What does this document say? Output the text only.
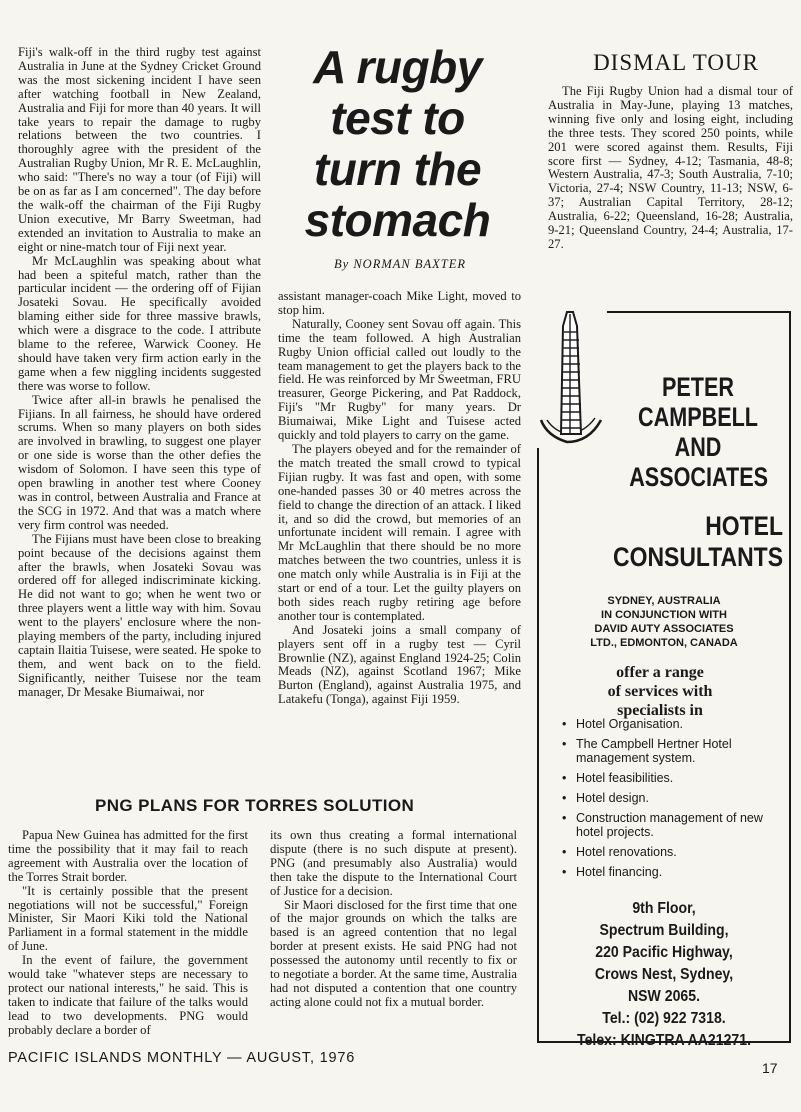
Fiji's walk-off in the third rugby test against Australia in June at the Sydney Cricket Ground was the most sickening incident I have seen after watching football in New Zealand, Australia and Fiji for more than 40 years. It will take years to repair the damage to rugby relations between the two countries. I thoroughly agree with the president of the Australian Rugby Union, Mr R. E. McLaughlin, who said: "There's no way a tour (of Fiji) will be on as far as I am concerned". The day before the walk-off the chairman of the Fiji Rugby Union executive, Mr Barry Sweetman, had extended an invitation to Australia to make an eight or nine-match tour of Fiji next year.

Mr McLaughlin was speaking about what had been a spiteful match, rather than the particular incident — the ordering off of Fijian Josateki Sovau. He specifically avoided blaming either side for three massive brawls, which were a disgrace to the code. I attribute blame to the referee, Warwick Cooney. He should have taken very firm action early in the game when a few niggling incidents suggested there was worse to follow.

Twice after all-in brawls he penalised the Fijians. In all fairness, he should have ordered scrums. When so many players on both sides are involved in brawling, to suggest one player or one side is worse than the other defies the wisdom of Solomon. I have seen this type of open brawling in another test where Cooney was in control, between Australia and France at the SCG in 1972. And that was a match where very firm control was needed.

The Fijians must have been close to breaking point because of the decisions against them after the brawls, when Josateki Sovau was ordered off for alleged indiscriminate kicking. He did not want to go; when he went two or three players went a little way with him. Sovau went to the players' enclosure where the non-playing members of the party, including injured captain Ilaitia Tuisese, were seated. He spoke to them, and went back on to the field. Significantly, neither Tuisese nor the team manager, Dr Mesake Biumaiwai, nor

A rugby
test to
turn the
stomach
By NORMAN BAXTER

assistant manager-coach Mike Light, moved to stop him.

Naturally, Cooney sent Sovau off again. This time the team followed. A high Australian Rugby Union official called out loudly to the team management to get the players back to the field. He was reinforced by Mr Sweetman, FRU treasurer, George Pickering, and Pat Raddock, Fiji's "Mr Rugby" for many years. Dr Biumaiwai, Mike Light and Tuisese acted quickly and told players to carry on the game.

The players obeyed and for the remainder of the match treated the small crowd to typical Fijian rugby. It was fast and open, with some one-handed passes 30 or 40 metres across the field to change the direction of an attack. I liked it, and so did the crowd, but memories of an unfortunate incident will remain. I agree with Mr McLaughlin that there should be no more matches between the two countries, unless it is one match only while Australia is in Fiji at the start or end of a tour. Let the guilty players on both sides reach rugby retiring age before another tour is contemplated.

And Josateki joins a small company of players sent off in a rugby test — Cyril Brownlie (NZ), against England 1924-25; Colin Meads (NZ), against Scotland 1967; Mike Burton (England), against Australia 1975, and Latakefu (Tonga), against Fiji 1959.

DISMAL TOUR

The Fiji Rugby Union had a dismal tour of Australia in May-June, playing 13 matches, winning five only and losing eight, including the three tests. They scored 250 points, while 201 were scored against them. Results, Fiji score first — Sydney, 4-12; Tasmania, 48-8; Western Australia, 47-3; South Australia, 7-10; Victoria, 27-4; NSW Country, 11-13; NSW, 6-37; Australian Capital Territory, 28-12; Australia, 6-22; Queensland, 16-28; Australia, 9-21; Queensland Country, 24-4; Australia, 17-27.

PETER
CAMPBELL
AND
ASSOCIATES
HOTEL
CONSULTANTS
SYDNEY, AUSTRALIA
IN CONJUNCTION WITH
DAVID AUTY ASSOCIATES
LTD., EDMONTON, CANADA
offer a range
of services with
specialists in
• Hotel Organisation.
• The Campbell Hertner Hotel management system.
• Hotel feasibilities.
• Hotel design.
• Construction management of new hotel projects.
• Hotel renovations.
• Hotel financing.
9th Floor,
Spectrum Building,
220 Pacific Highway,
Crows Nest, Sydney,
NSW 2065.
Tel.: (02) 922 7318.
Telex: KINGTRA AA21271.
PNG PLANS FOR TORRES SOLUTION

Papua New Guinea has admitted for the first time the possibility that it may fail to reach agreement with Australia over the location of the Torres Strait border.

"It is certainly possible that the present negotiations will not be successful," Foreign Minister, Sir Maori Kiki told the National Parliament in a formal statement in the middle of June.

In the event of failure, the government would take "whatever steps are necessary to protect our national interests," he said. This is taken to indicate that failure of the talks would lead to two developments. PNG would probably declare a border of

its own thus creating a formal international dispute (there is no such dispute at present). PNG (and presumably also Australia) would then take the dispute to the International Court of Justice for a decision.

Sir Maori disclosed for the first time that one of the major grounds on which the talks are based is an agreed contention that no legal border at present exists. He said PNG had not possessed the autonomy until recently to fix or to negotiate a border. At the same time, Australia had not disputed a contention that one country acting alone could not fix a mutual border.

PACIFIC ISLANDS MONTHLY — AUGUST, 1976
17
